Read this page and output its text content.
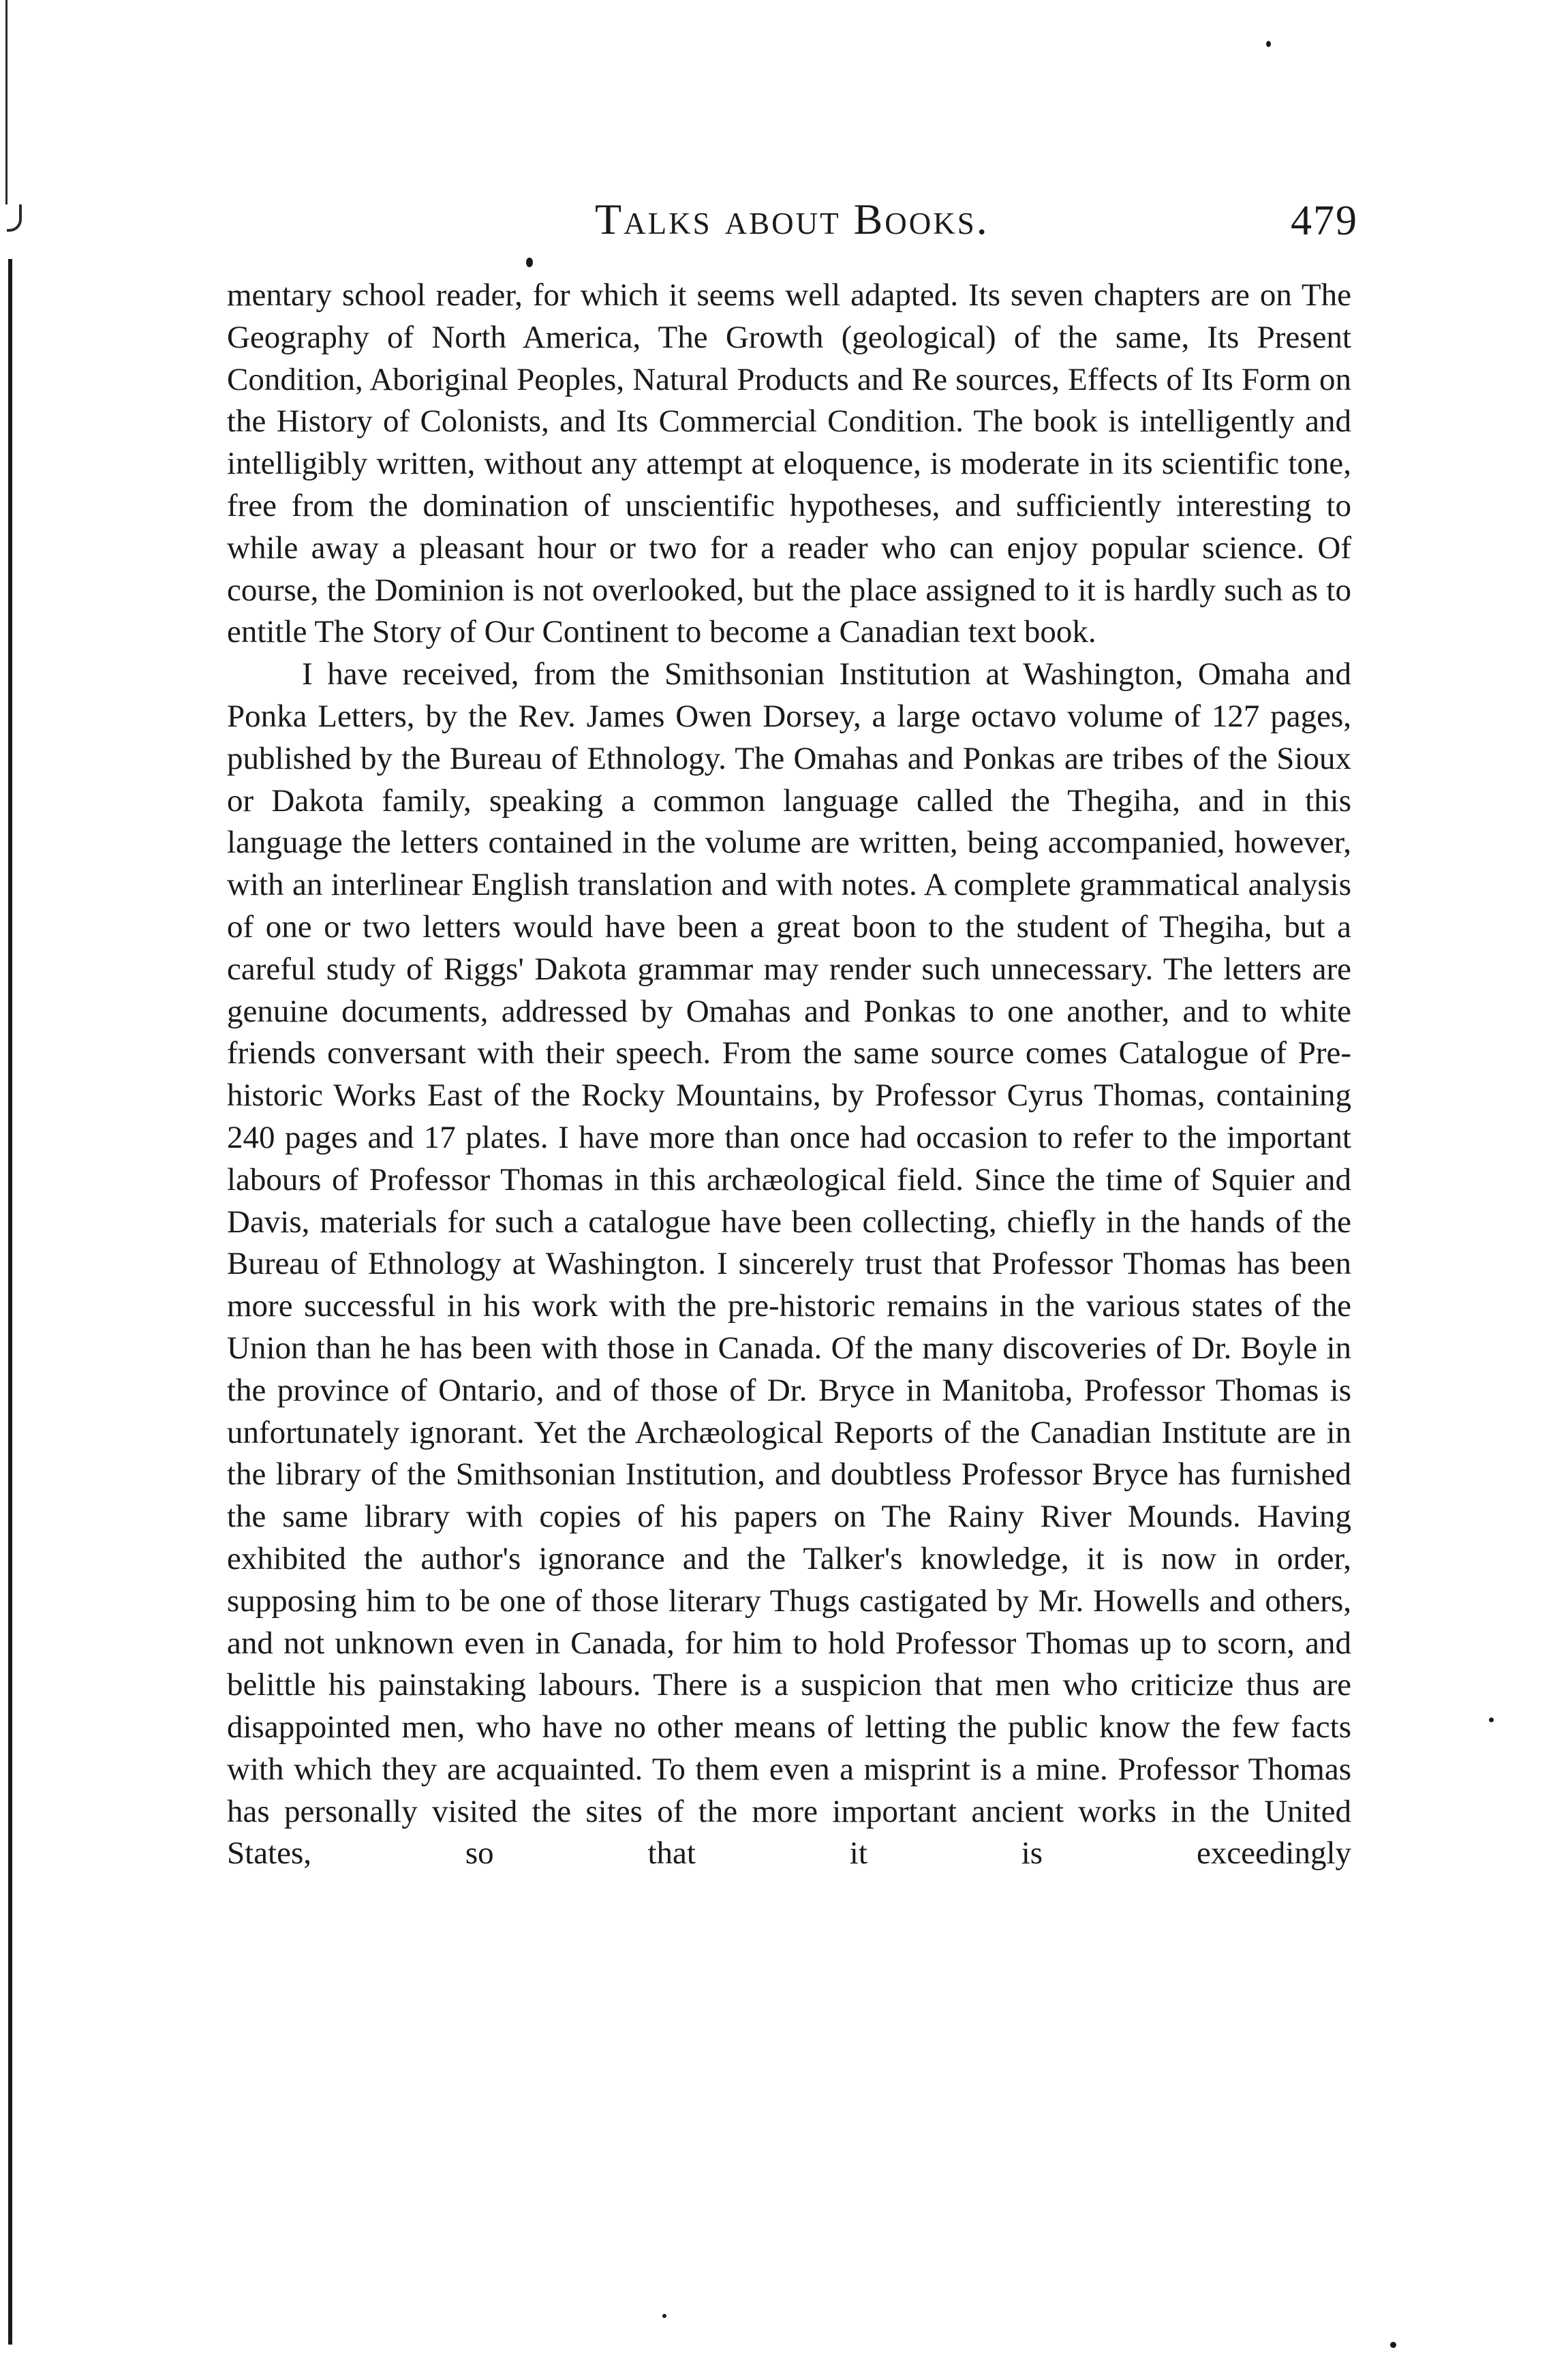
Talks about Books.	479

mentary school reader, for which it seems well adapted. Its seven chapters are on The Geography of North America, The Growth (geological) of the same, Its Present Condition, Aboriginal Peoples, Natural Products and Re sources, Effects of Its Form on the History of Colonists, and Its Commercial Condition. The book is intelligently and intelligibly written, without any attempt at eloquence, is moderate in its scientific tone, free from the domination of unscientific hypotheses, and sufficiently interesting to while away a pleasant hour or two for a reader who can enjoy popular science. Of course, the Dominion is not overlooked, but the place assigned to it is hardly such as to entitle The Story of Our Continent to become a Canadian text book.

I have received, from the Smithsonian Institution at Washington, Omaha and Ponka Letters, by the Rev. James Owen Dorsey, a large octavo volume of 127 pages, published by the Bureau of Ethnology. The Omahas and Ponkas are tribes of the Sioux or Dakota family, speaking a common language called the Thegiha, and in this language the letters contained in the volume are written, being accompanied, however, with an interlinear English translation and with notes. A complete grammatical analysis of one or two letters would have been a great boon to the student of Thegiha, but a careful study of Riggs' Dakota grammar may render such unnecessary. The letters are genuine documents, addressed by Omahas and Ponkas to one another, and to white friends conversant with their speech. From the same source comes Catalogue of Pre-historic Works East of the Rocky Mountains, by Professor Cyrus Thomas, containing 240 pages and 17 plates. I have more than once had occasion to refer to the important labours of Professor Thomas in this archæological field. Since the time of Squier and Davis, materials for such a catalogue have been collecting, chiefly in the hands of the Bureau of Ethnology at Washington. I sincerely trust that Professor Thomas has been more successful in his work with the pre-historic remains in the various states of the Union than he has been with those in Canada. Of the many discoveries of Dr. Boyle in the province of Ontario, and of those of Dr. Bryce in Manitoba, Professor Thomas is unfortunately ignorant. Yet the Archæological Reports of the Canadian Institute are in the library of the Smithsonian Institution, and doubtless Professor Bryce has furnished the same library with copies of his papers on The Rainy River Mounds. Having exhibited the author's ignorance and the Talker's knowledge, it is now in order, supposing him to be one of those literary Thugs castigated by Mr. Howells and others, and not unknown even in Canada, for him to hold Professor Thomas up to scorn, and belittle his painstaking labours. There is a suspicion that men who criticize thus are disappointed men, who have no other means of letting the public know the few facts with which they are acquainted. To them even a misprint is a mine. Professor Thomas has personally visited the sites of the more important ancient works in the United States, so that it is exceedingly
